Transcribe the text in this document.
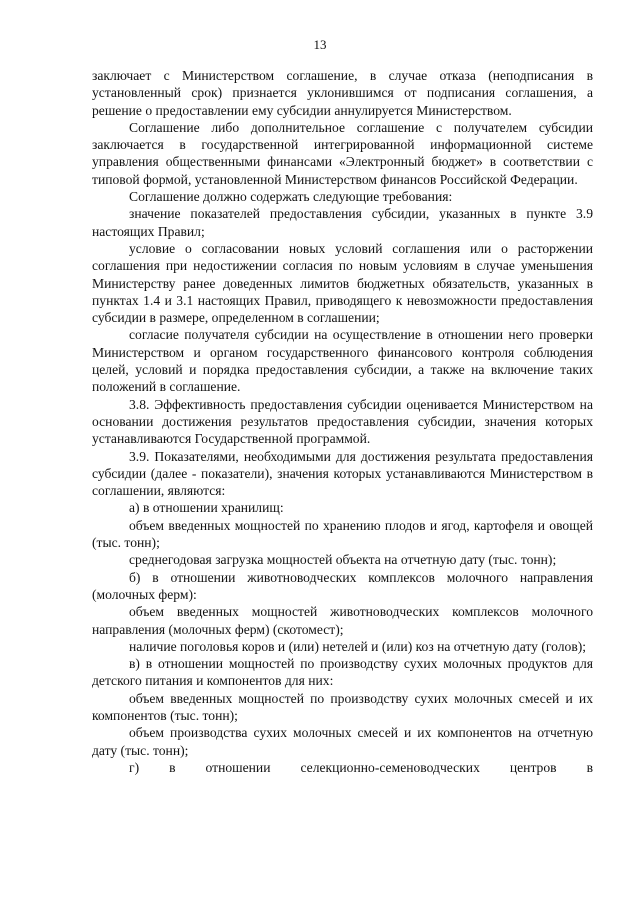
13

заключает с Министерством соглашение, в случае отказа (неподписания в установленный срок) признается уклонившимся от подписания соглашения, а решение о предоставлении ему субсидии аннулируется Министерством.

Соглашение либо дополнительное соглашение с получателем субсидии заключается в государственной интегрированной информационной системе управления общественными финансами «Электронный бюджет» в соответствии с типовой формой, установленной Министерством финансов Российской Федерации.

Соглашение должно содержать следующие требования:

значение показателей предоставления субсидии, указанных в пункте 3.9 настоящих Правил;

условие о согласовании новых условий соглашения или о расторжении соглашения при недостижении согласия по новым условиям в случае уменьшения Министерству ранее доведенных лимитов бюджетных обязательств, указанных в пунктах 1.4 и 3.1 настоящих Правил, приводящего к невозможности предоставления субсидии в размере, определенном в соглашении;

согласие получателя субсидии на осуществление в отношении него проверки Министерством и органом государственного финансового контроля соблюдения целей, условий и порядка предоставления субсидии, а также на включение таких положений в соглашение.

3.8. Эффективность предоставления субсидии оценивается Министерством на основании достижения результатов предоставления субсидии, значения которых устанавливаются Государственной программой.

3.9. Показателями, необходимыми для достижения результата предоставления субсидии (далее - показатели), значения которых устанавливаются Министерством в соглашении, являются:

а) в отношении хранилищ:

объем введенных мощностей по хранению плодов и ягод, картофеля и овощей (тыс. тонн);

среднегодовая загрузка мощностей объекта на отчетную дату (тыс. тонн);

б) в отношении животноводческих комплексов молочного направления (молочных ферм):

объем введенных мощностей животноводческих комплексов молочного направления (молочных ферм) (скотомест);

наличие поголовья коров и (или) нетелей и (или) коз на отчетную дату (голов);

в) в отношении мощностей по производству сухих молочных продуктов для детского питания и компонентов для них:

объем введенных мощностей по производству сухих молочных смесей и их компонентов (тыс. тонн);

объем производства сухих молочных смесей и их компонентов на отчетную дату (тыс. тонн);

г) в отношении селекционно-семеноводческих центров в
